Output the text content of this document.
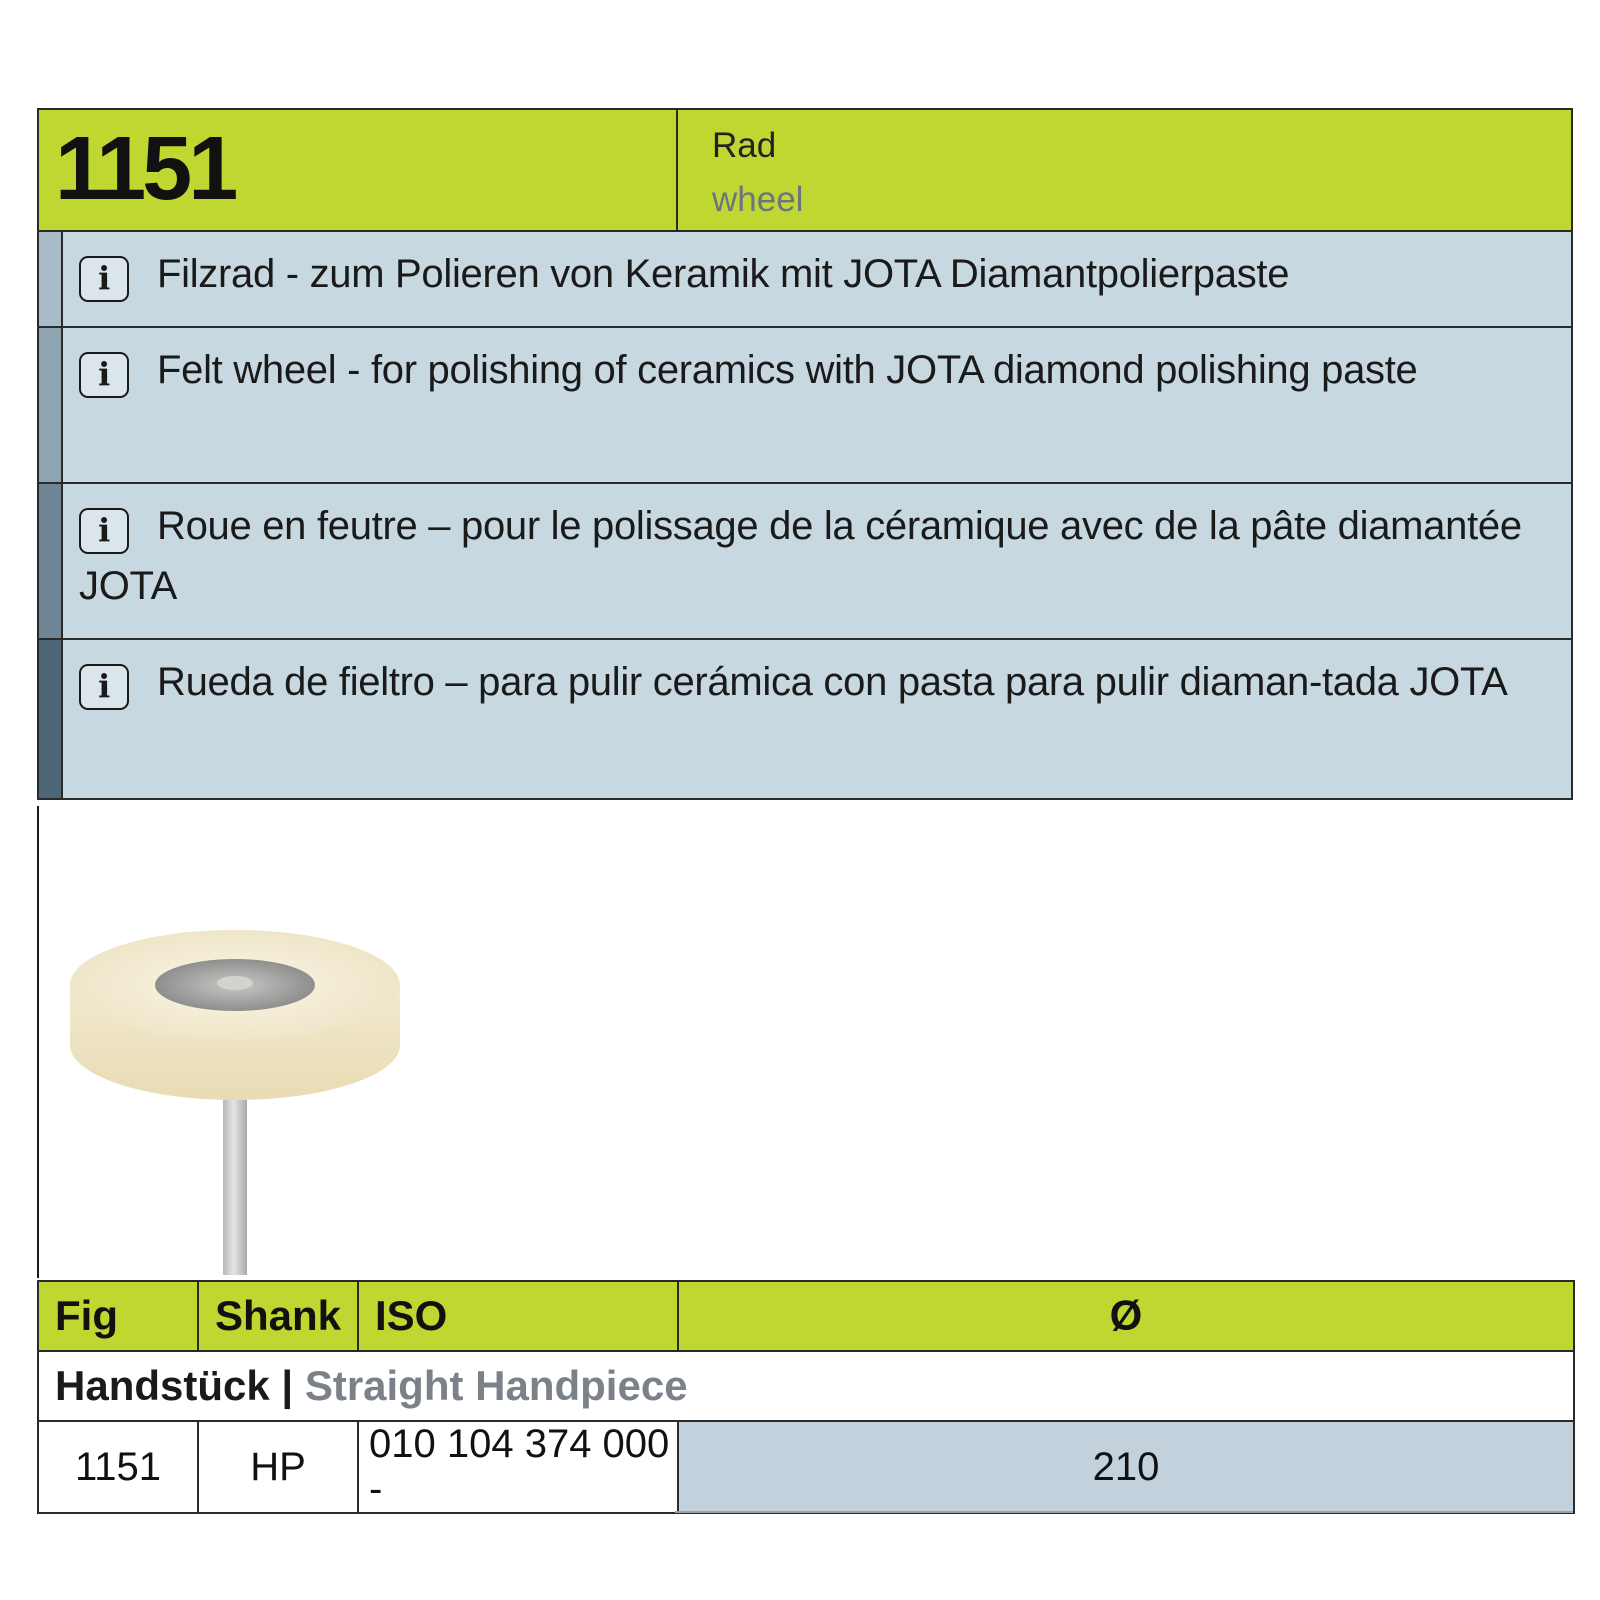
1151	Rad
wheel
i Filzrad - zum Polieren von Keramik mit JOTA Diamantpolierpaste
i Felt wheel - for polishing of ceramics with JOTA diamond polishing paste
i Roue en feutre – pour le polissage de la céramique avec de la pâte diamantée JOTA
i Rueda de fieltro – para pulir cerámica con pasta para pulir diaman-tada JOTA
Fig	Shank	ISO	Ø
Handstück | Straight Handpiece			
1151	HP	010 104 374 000 -	210
